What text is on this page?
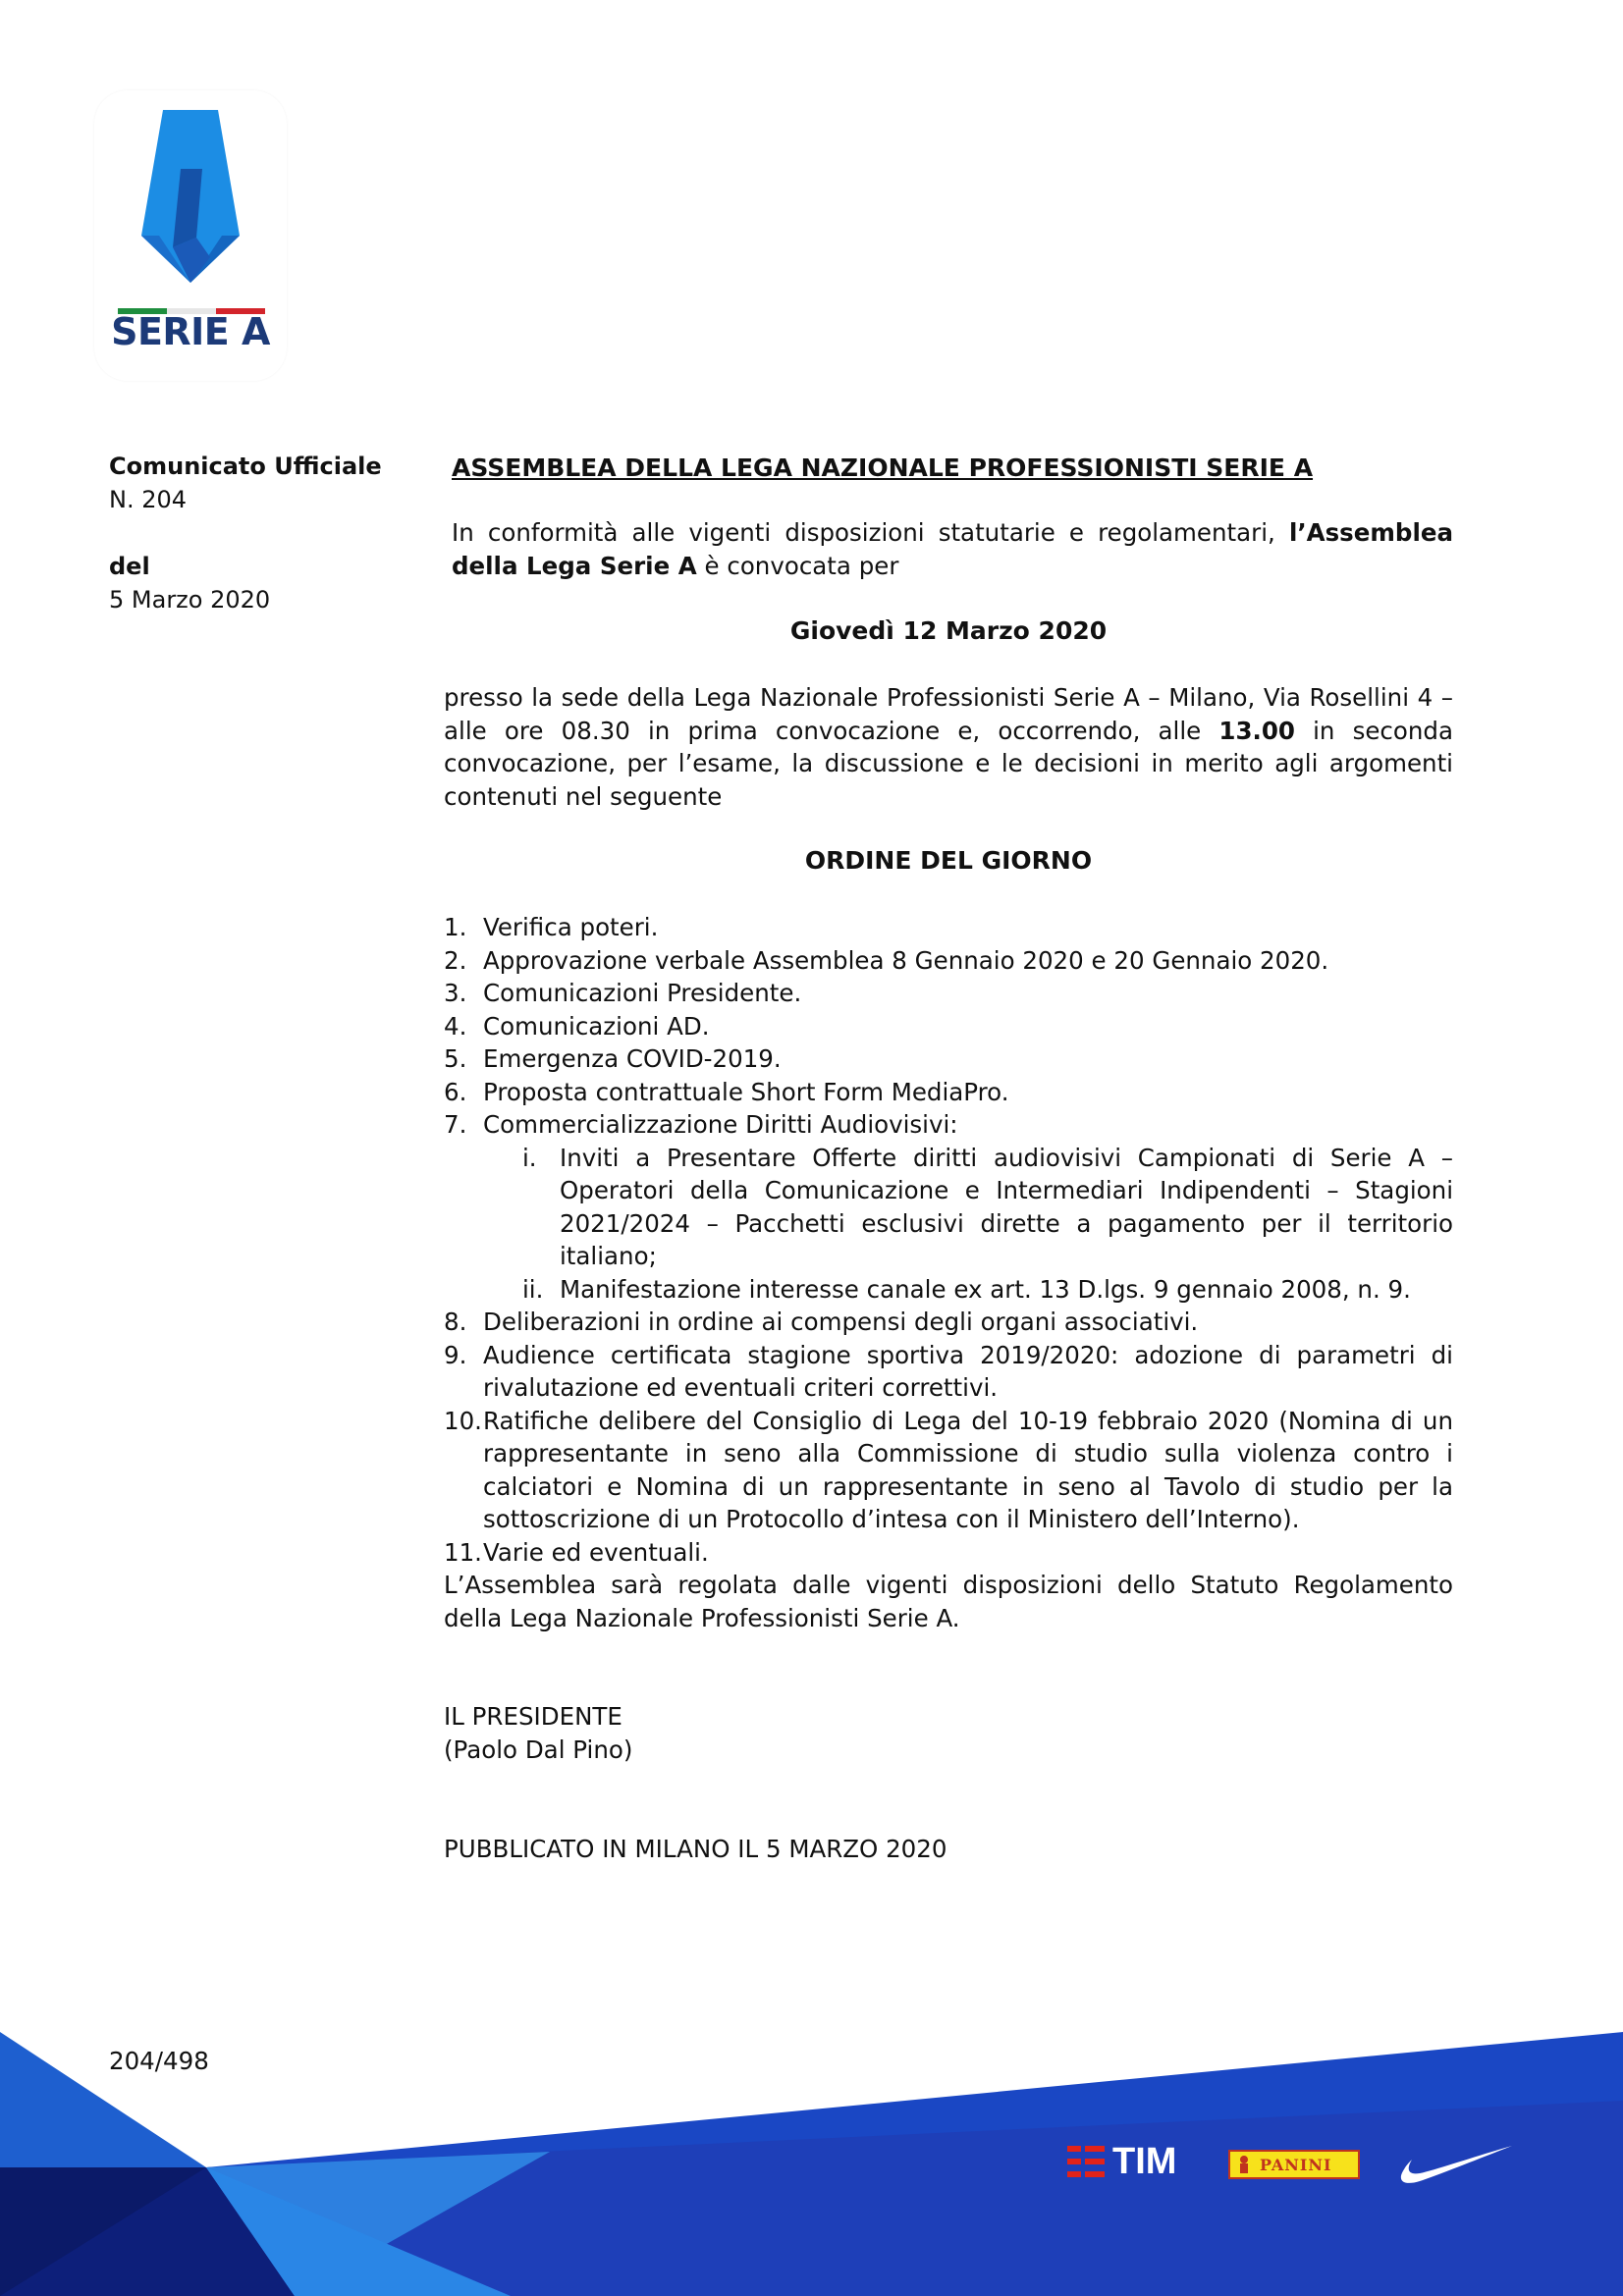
SERIE A
Comunicato Ufficiale
N. 204
del
5 Marzo 2020
ASSEMBLEA DELLA LEGA NAZIONALE PROFESSIONISTI SERIE A
In conformità alle vigenti disposizioni statutarie e regolamentari, l’Assemblea della Lega Serie A è convocata per
Giovedì 12 Marzo 2020
presso la sede della Lega Nazionale Professionisti Serie A – Milano, Via Rosellini 4 – alle ore 08.30 in prima convocazione e, occorrendo, alle 13.00 in seconda convocazione, per l’esame, la discussione e le decisioni in merito agli argomenti contenuti nel seguente
ORDINE DEL GIORNO
1. Verifica poteri.
2. Approvazione verbale Assemblea 8 Gennaio 2020 e 20 Gennaio 2020.
3. Comunicazioni Presidente.
4. Comunicazioni AD.
5. Emergenza COVID-2019.
6. Proposta contrattuale Short Form MediaPro.
7. Commercializzazione Diritti Audiovisivi:
i. Inviti a Presentare Offerte diritti audiovisivi Campionati di Serie A – Operatori della Comunicazione e Intermediari Indipendenti – Stagioni 2021/2024 – Pacchetti esclusivi dirette a pagamento per il territorio italiano;
ii. Manifestazione interesse canale ex art. 13 D.lgs. 9 gennaio 2008, n. 9.
8. Deliberazioni in ordine ai compensi degli organi associativi.
9. Audience certificata stagione sportiva 2019/2020: adozione di parametri di rivalutazione ed eventuali criteri correttivi.
10. Ratifiche delibere del Consiglio di Lega del 10-19 febbraio 2020 (Nomina di un rappresentante in seno alla Commissione di studio sulla violenza contro i calciatori e Nomina di un rappresentante in seno al Tavolo di studio per la sottoscrizione di un Protocollo d’intesa con il Ministero dell’Interno).
11. Varie ed eventuali.
L’Assemblea sarà regolata dalle vigenti disposizioni dello Statuto Regolamento della Lega Nazionale Professionisti Serie A.
IL PRESIDENTE
(Paolo Dal Pino)
PUBBLICATO IN MILANO IL 5 MARZO 2020
204/498
TIM	PANINI
